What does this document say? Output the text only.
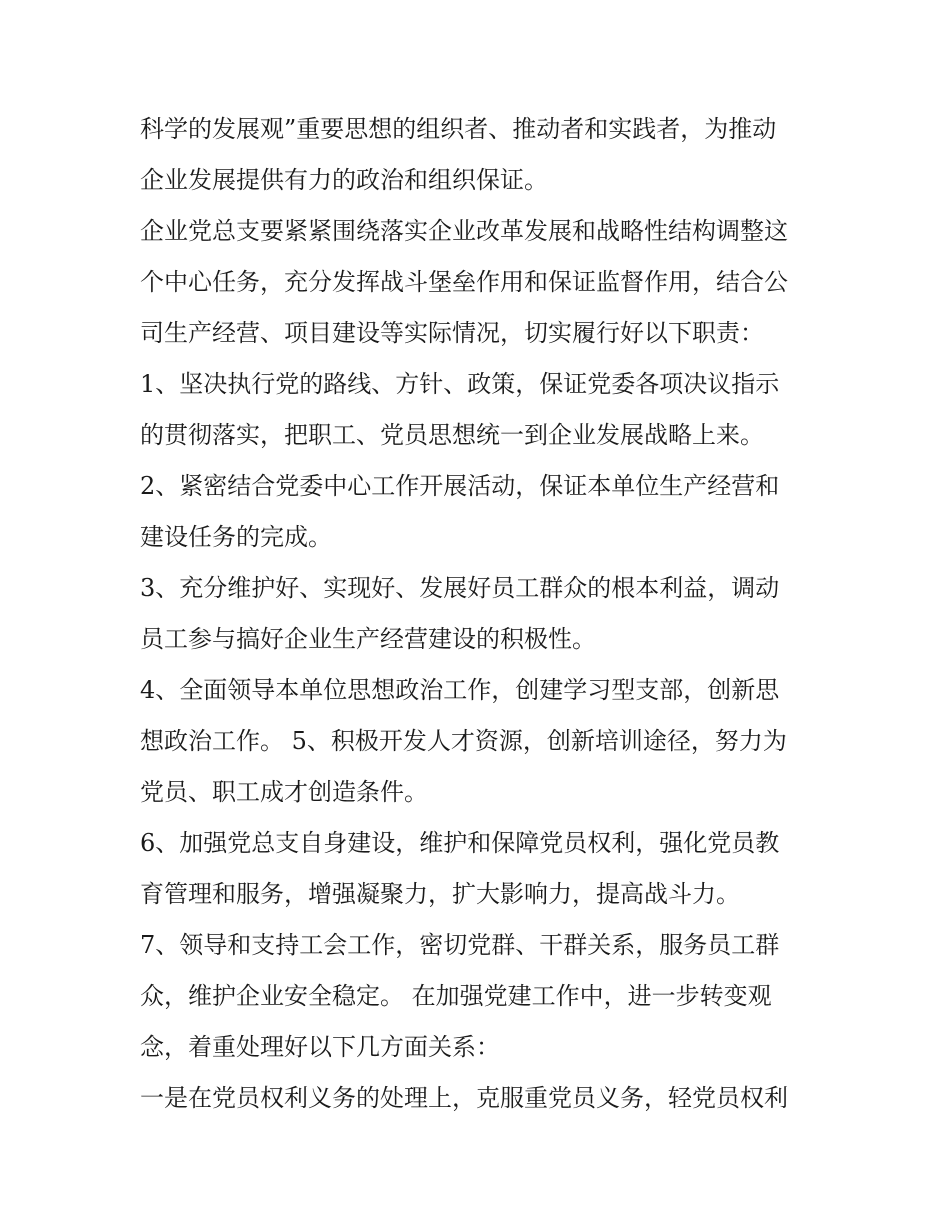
科学的发展观”重要思想的组织者、推动者和实践者，为推动
企业发展提供有力的政治和组织保证。
企业党总支要紧紧围绕落实企业改革发展和战略性结构调整这
个中心任务，充分发挥战斗堡垒作用和保证监督作用，结合公
司生产经营、项目建设等实际情况，切实履行好以下职责：
1、坚决执行党的路线、方针、政策，保证党委各项决议指示
的贯彻落实，把职工、党员思想统一到企业发展战略上来。
2、紧密结合党委中心工作开展活动，保证本单位生产经营和
建设任务的完成。
3、充分维护好、实现好、发展好员工群众的根本利益，调动
员工参与搞好企业生产经营建设的积极性。
4、全面领导本单位思想政治工作，创建学习型支部，创新思
想政治工作。 5、积极开发人才资源，创新培训途径，努力为
党员、职工成才创造条件。
6、加强党总支自身建设，维护和保障党员权利，强化党员教
育管理和服务，增强凝聚力，扩大影响力，提高战斗力。
7、领导和支持工会工作，密切党群、干群关系，服务员工群
众，维护企业安全稳定。 在加强党建工作中，进一步转变观
念，着重处理好以下几方面关系：
一是在党员权利义务的处理上，克服重党员义务，轻党员权利
